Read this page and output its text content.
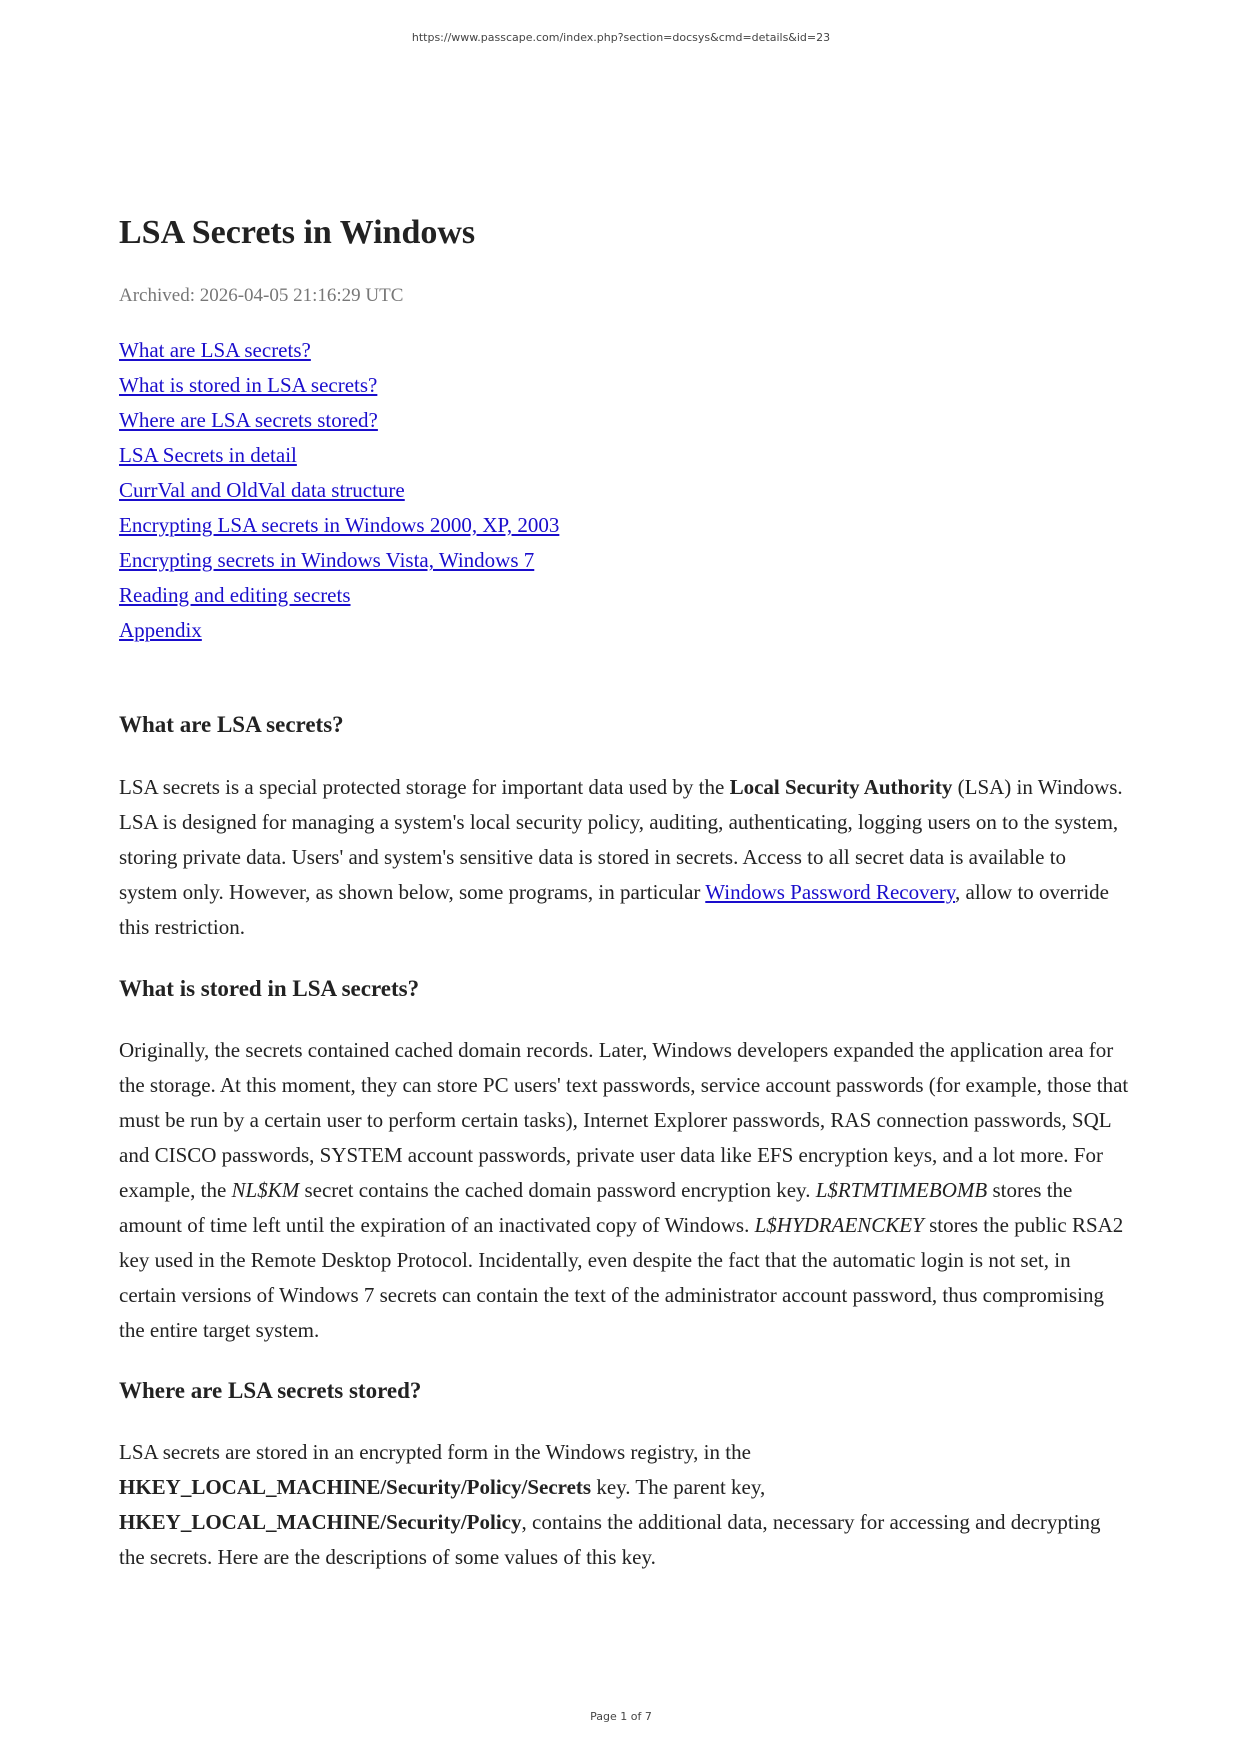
https://www.passcape.com/index.php?section=docsys&cmd=details&id=23
LSA Secrets in Windows
Archived: 2026-04-05 21:16:29 UTC
What are LSA secrets?
What is stored in LSA secrets?
Where are LSA secrets stored?
LSA Secrets in detail
CurrVal and OldVal data structure
Encrypting LSA secrets in Windows 2000, XP, 2003
Encrypting secrets in Windows Vista, Windows 7
Reading and editing secrets
Appendix
What are LSA secrets?

LSA secrets is a special protected storage for important data used by the Local Security Authority (LSA) in Windows. LSA is designed for managing a system's local security policy, auditing, authenticating, logging users on to the system, storing private data. Users' and system's sensitive data is stored in secrets. Access to all secret data is available to system only. However, as shown below, some programs, in particular Windows Password Recovery, allow to override this restriction.

What is stored in LSA secrets?

Originally, the secrets contained cached domain records. Later, Windows developers expanded the application area for the storage. At this moment, they can store PC users' text passwords, service account passwords (for example, those that must be run by a certain user to perform certain tasks), Internet Explorer passwords, RAS connection passwords, SQL and CISCO passwords, SYSTEM account passwords, private user data like EFS encryption keys, and a lot more. For example, the NL$KM secret contains the cached domain password encryption key. L$RTMTIMEBOMB stores the amount of time left until the expiration of an inactivated copy of Windows. L$HYDRAENCKEY stores the public RSA2 key used in the Remote Desktop Protocol. Incidentally, even despite the fact that the automatic login is not set, in certain versions of Windows 7 secrets can contain the text of the administrator account password, thus compromising the entire target system.

Where are LSA secrets stored?

LSA secrets are stored in an encrypted form in the Windows registry, in the HKEY_LOCAL_MACHINE/Security/Policy/Secrets key. The parent key, HKEY_LOCAL_MACHINE/Security/Policy, contains the additional data, necessary for accessing and decrypting the secrets. Here are the descriptions of some values of this key.

Page 1 of 7
